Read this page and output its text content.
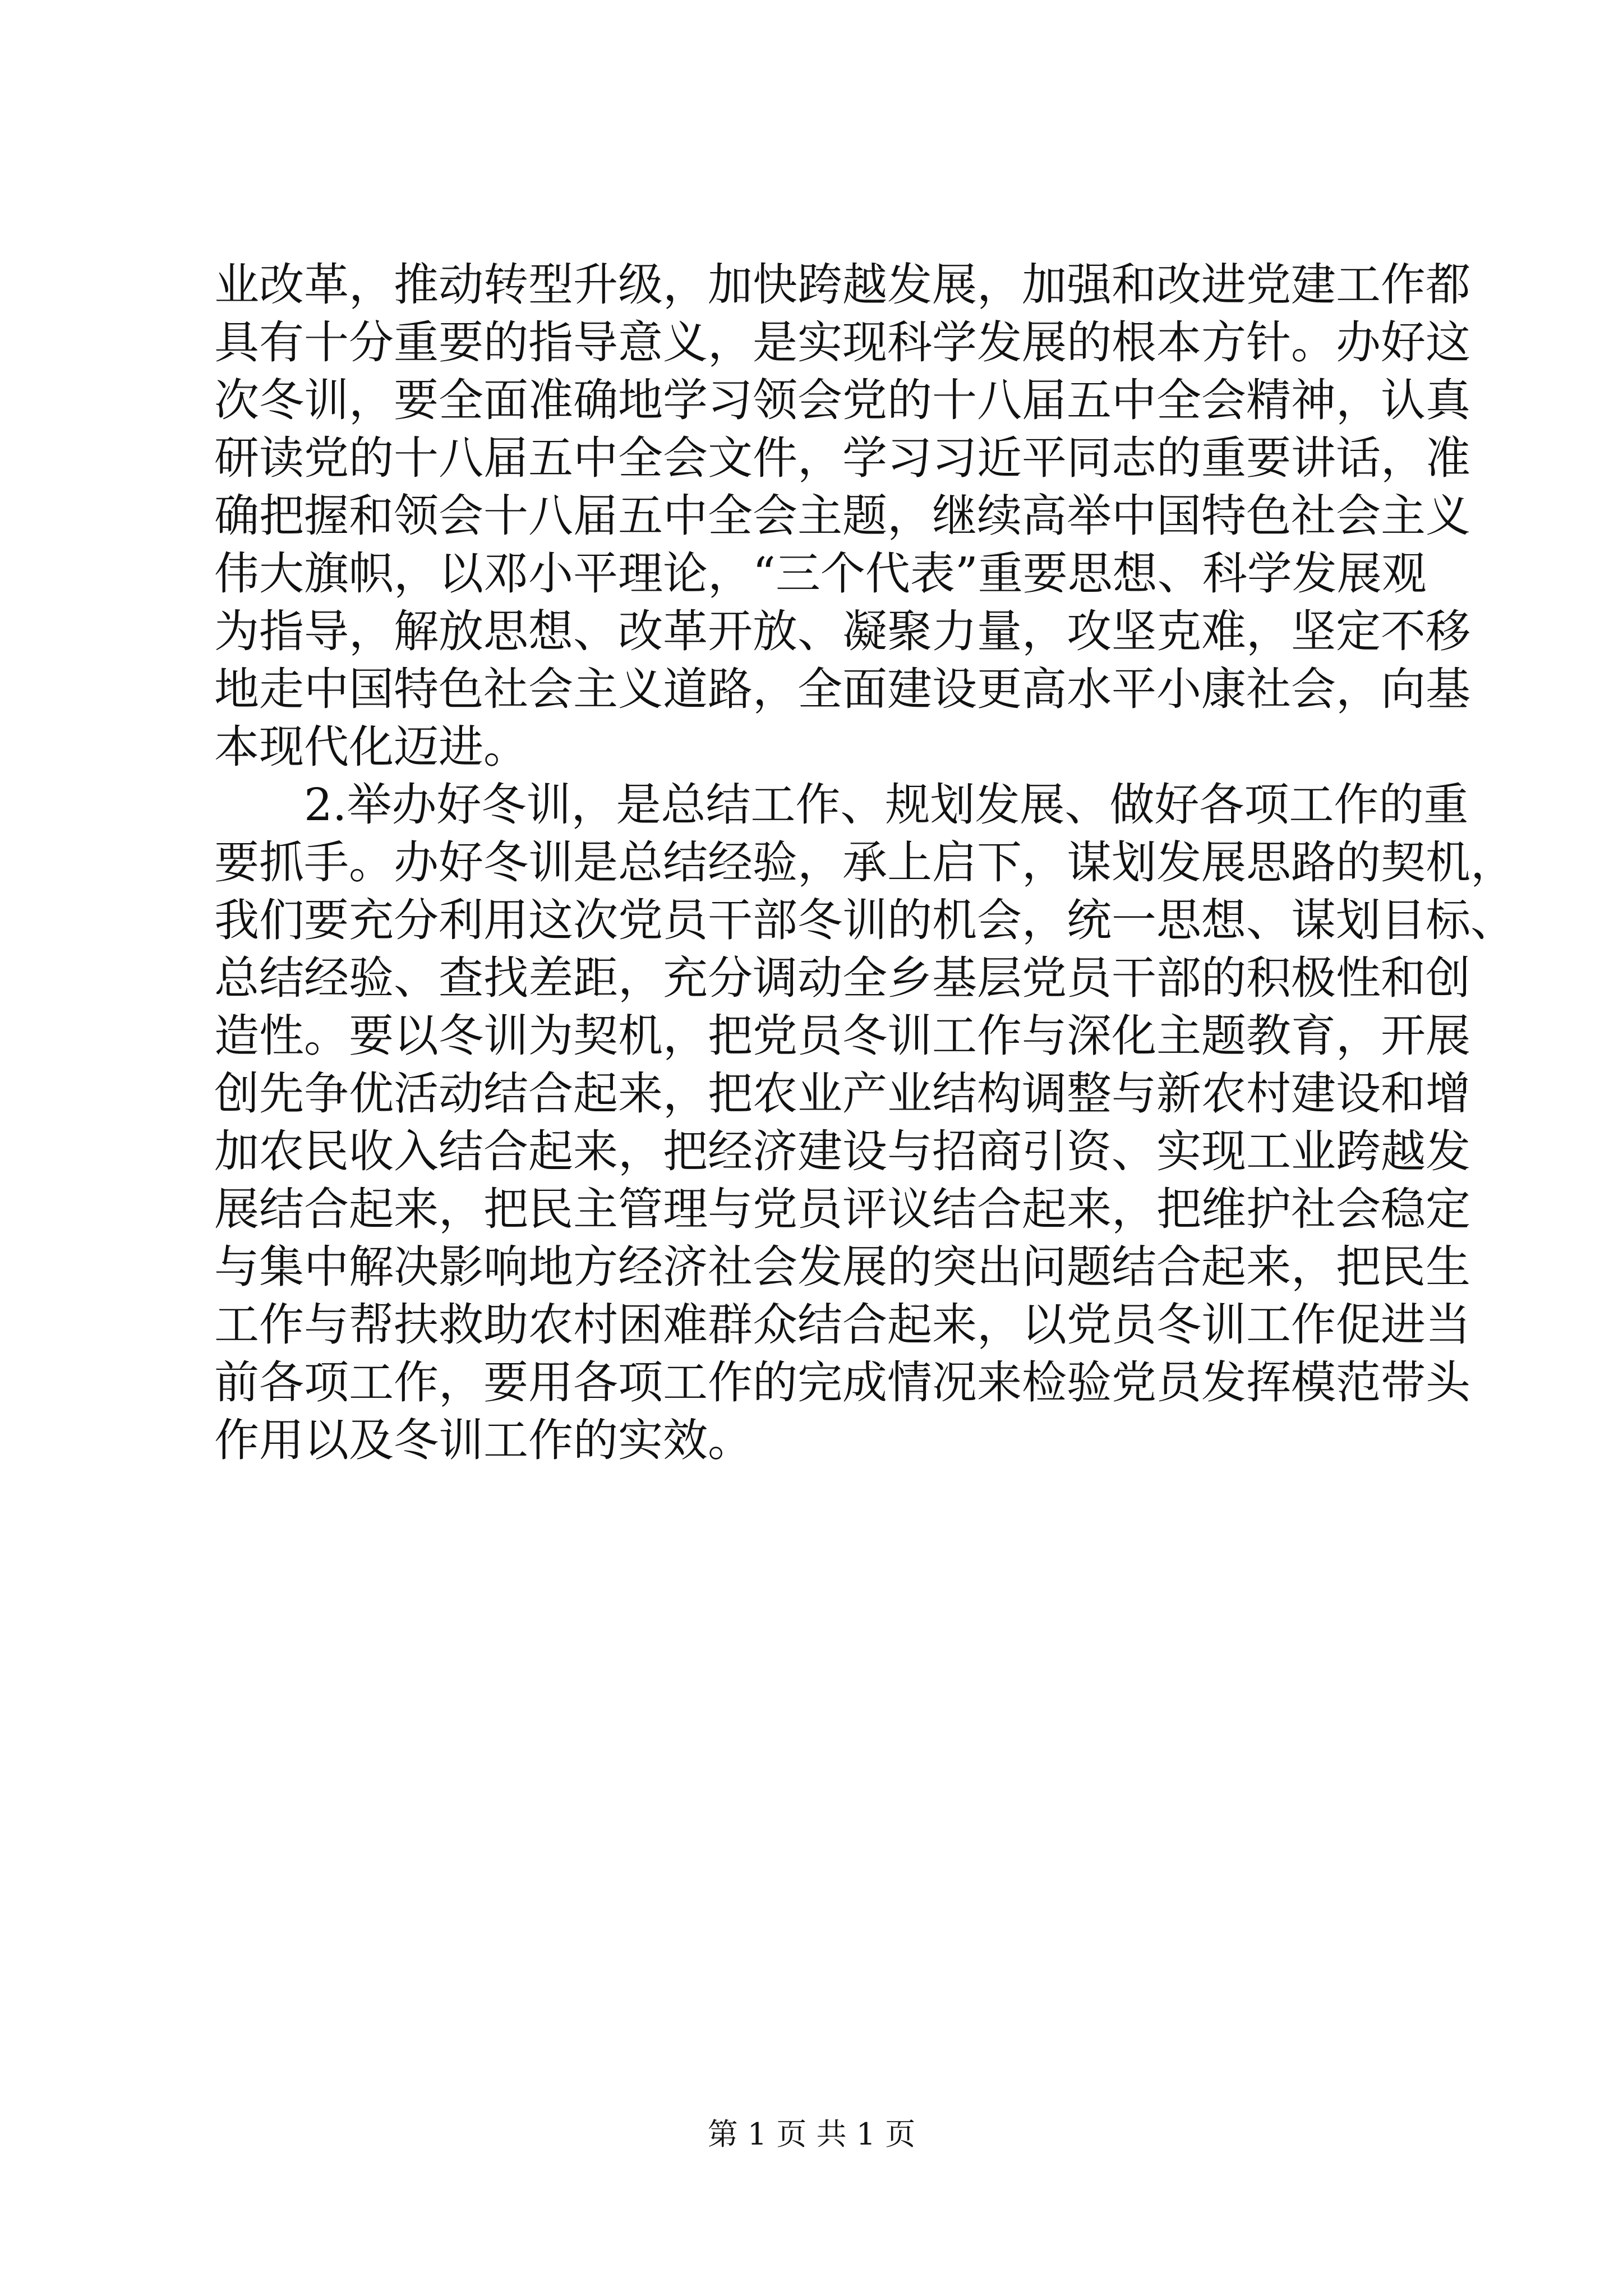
业改革，推动转型升级，加快跨越发展，加强和改进党建工作都
具有十分重要的指导意义，是实现科学发展的根本方针。办好这
次冬训，要全面准确地学习领会党的十八届五中全会精神，认真
研读党的十八届五中全会文件，学习习近平同志的重要讲话，准
确把握和领会十八届五中全会主题，继续高举中国特色社会主义
伟大旗帜，以邓小平理论，“三个代表”重要思想、科学发展观
为指导，解放思想、改革开放、凝聚力量，攻坚克难，坚定不移
地走中国特色社会主义道路，全面建设更高水平小康社会，向基
本现代化迈进。
2.举办好冬训，是总结工作、规划发展、做好各项工作的重
要抓手。办好冬训是总结经验，承上启下，谋划发展思路的契机，
我们要充分利用这次党员干部冬训的机会，统一思想、谋划目标、
总结经验、查找差距，充分调动全乡基层党员干部的积极性和创
造性。要以冬训为契机，把党员冬训工作与深化主题教育，开展
创先争优活动结合起来，把农业产业结构调整与新农村建设和增
加农民收入结合起来，把经济建设与招商引资、实现工业跨越发
展结合起来，把民主管理与党员评议结合起来，把维护社会稳定
与集中解决影响地方经济社会发展的突出问题结合起来，把民生
工作与帮扶救助农村困难群众结合起来，以党员冬训工作促进当
前各项工作，要用各项工作的完成情况来检验党员发挥模范带头
作用以及冬训工作的实效。
第 1 页 共 1 页
